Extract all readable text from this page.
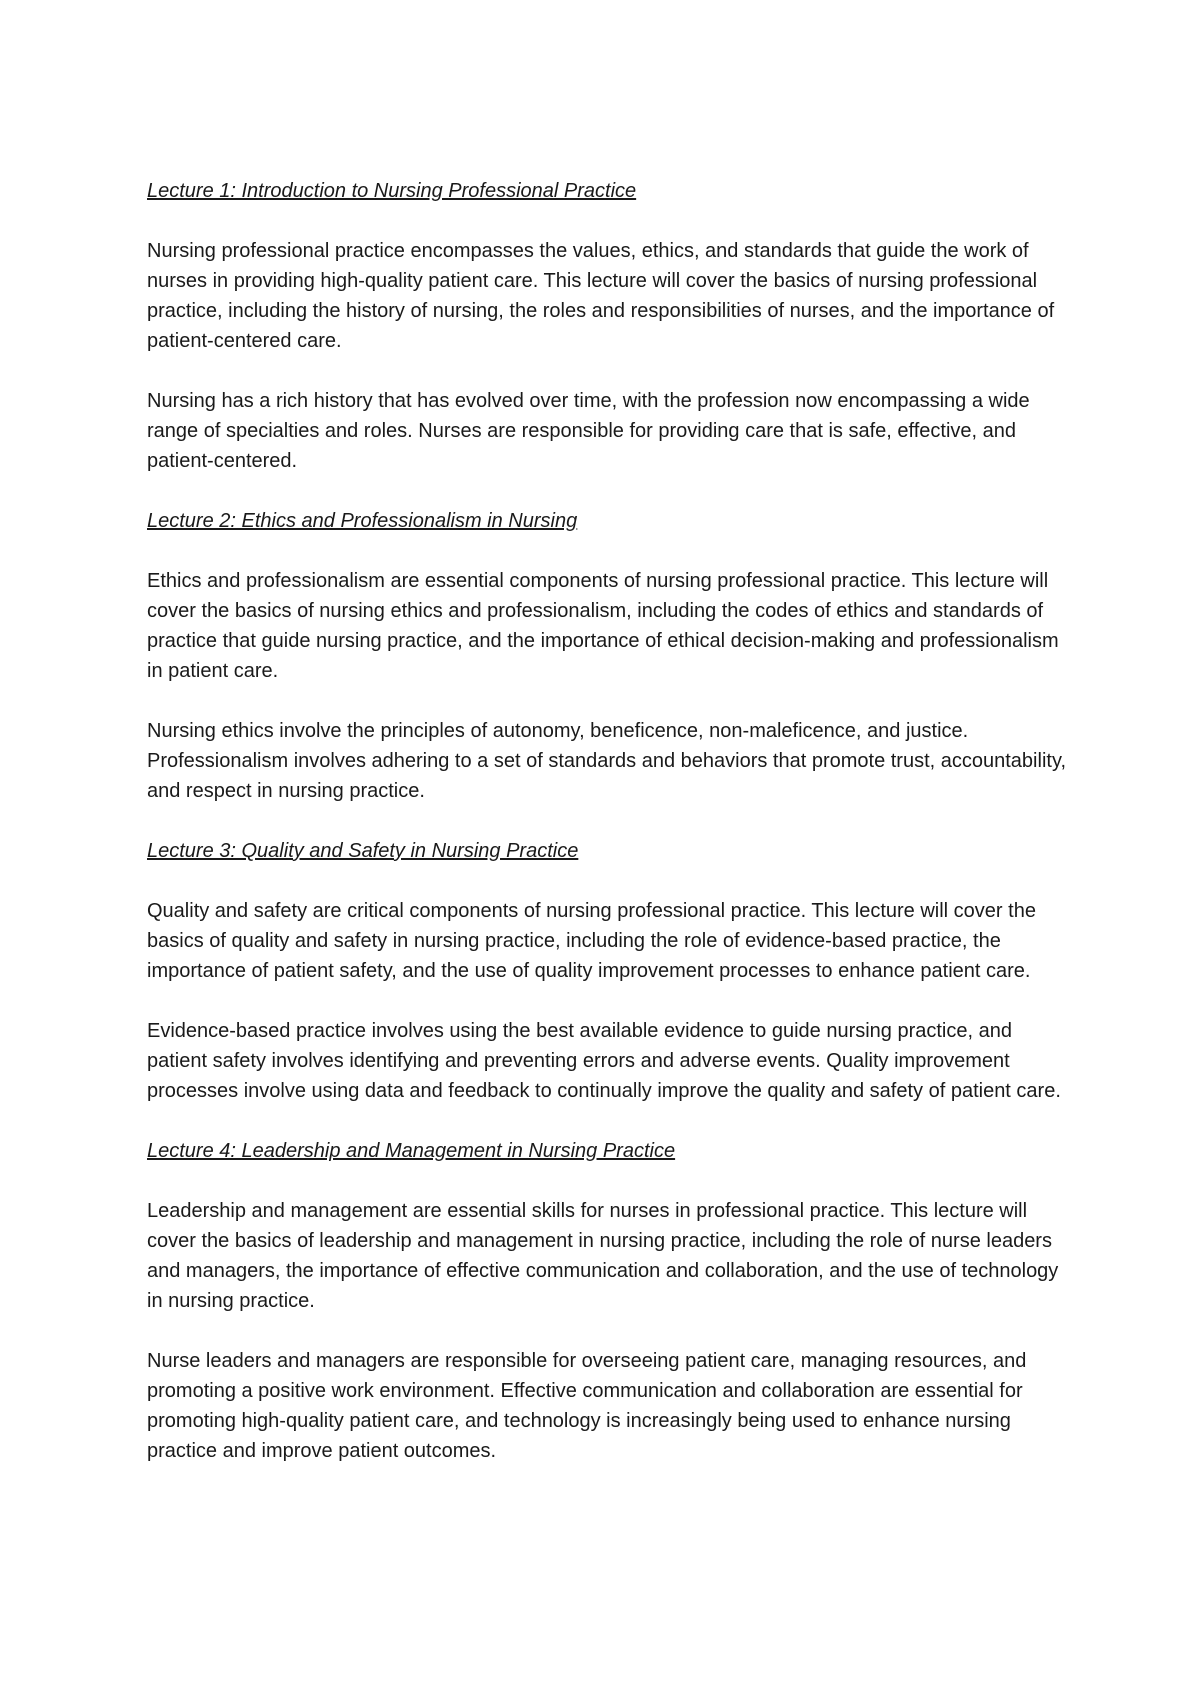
Lecture 1: Introduction to Nursing Professional Practice

Nursing professional practice encompasses the values, ethics, and standards that guide the work of nurses in providing high-quality patient care. This lecture will cover the basics of nursing professional practice, including the history of nursing, the roles and responsibilities of nurses, and the importance of patient-centered care.

Nursing has a rich history that has evolved over time, with the profession now encompassing a wide range of specialties and roles. Nurses are responsible for providing care that is safe, effective, and patient-centered.

Lecture 2: Ethics and Professionalism in Nursing

Ethics and professionalism are essential components of nursing professional practice. This lecture will cover the basics of nursing ethics and professionalism, including the codes of ethics and standards of practice that guide nursing practice, and the importance of ethical decision-making and professionalism in patient care.

Nursing ethics involve the principles of autonomy, beneficence, non-maleficence, and justice. Professionalism involves adhering to a set of standards and behaviors that promote trust, accountability, and respect in nursing practice.

Lecture 3: Quality and Safety in Nursing Practice

Quality and safety are critical components of nursing professional practice. This lecture will cover the basics of quality and safety in nursing practice, including the role of evidence-based practice, the importance of patient safety, and the use of quality improvement processes to enhance patient care.

Evidence-based practice involves using the best available evidence to guide nursing practice, and patient safety involves identifying and preventing errors and adverse events. Quality improvement processes involve using data and feedback to continually improve the quality and safety of patient care.

Lecture 4: Leadership and Management in Nursing Practice

Leadership and management are essential skills for nurses in professional practice. This lecture will cover the basics of leadership and management in nursing practice, including the role of nurse leaders and managers, the importance of effective communication and collaboration, and the use of technology in nursing practice.

Nurse leaders and managers are responsible for overseeing patient care, managing resources, and promoting a positive work environment. Effective communication and collaboration are essential for promoting high-quality patient care, and technology is increasingly being used to enhance nursing practice and improve patient outcomes.
